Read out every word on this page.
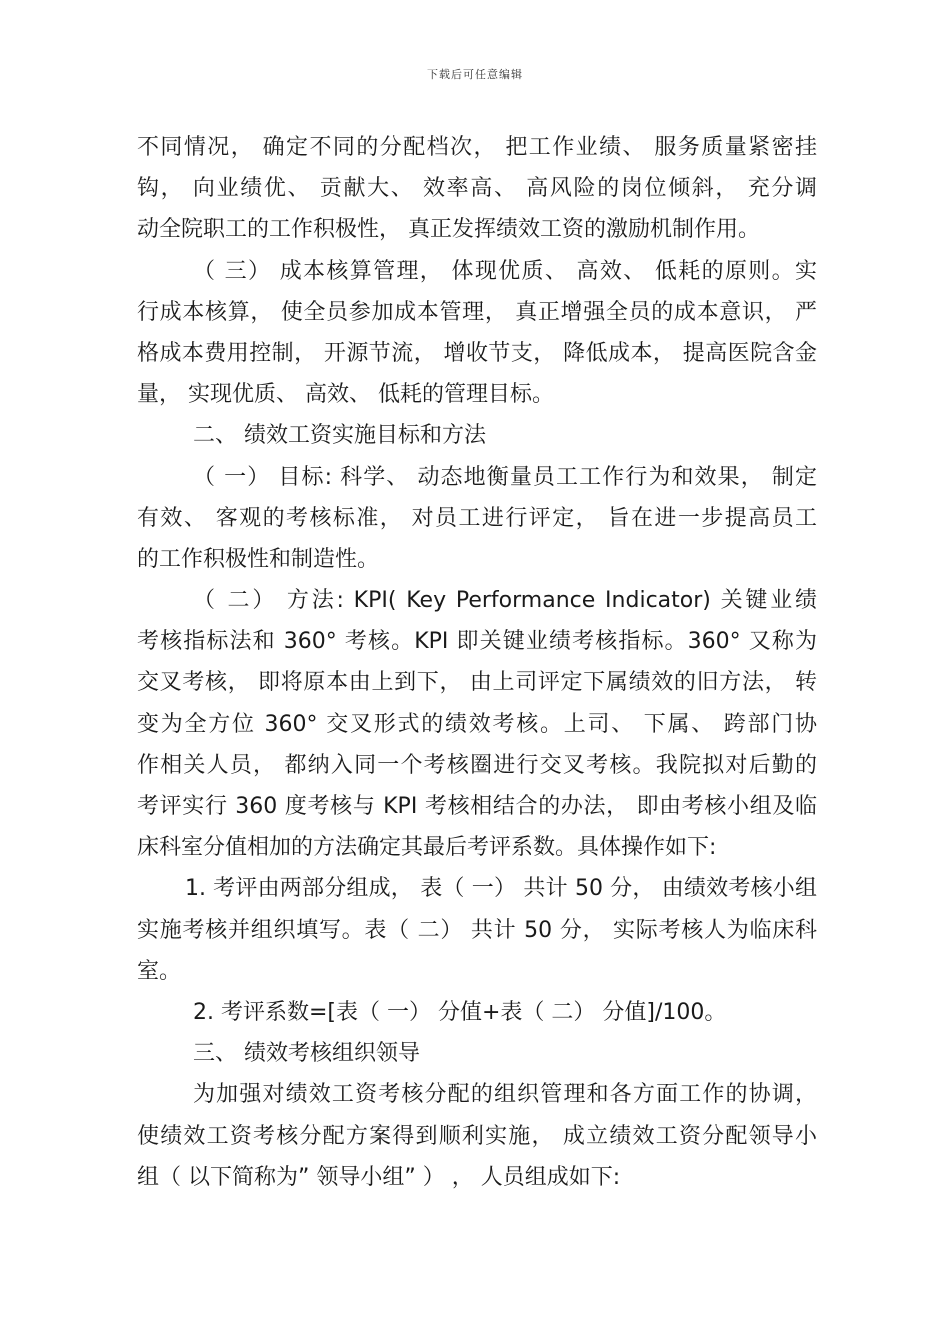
下载后可任意编辑
不同情况， 确定不同的分配档次， 把工作业绩、 服务质量紧密挂
钩， 向业绩优、 贡献大、 效率高、 高风险的岗位倾斜， 充分调
动全院职工的工作积极性， 真正发挥绩效工资的激励机制作用。
（ 三） 成本核算管理， 体现优质、 高效、 低耗的原则。实
行成本核算， 使全员参加成本管理， 真正增强全员的成本意识， 严
格成本费用控制， 开源节流， 增收节支， 降低成本， 提高医院含金
量， 实现优质、 高效、 低耗的管理目标。
二、 绩效工资实施目标和方法
（ 一） 目标: 科学、 动态地衡量员工工作行为和效果， 制定
有效、 客观的考核标准， 对员工进行评定， 旨在进一步提高员工
的工作积极性和制造性。
（ 二） 方法: KPI( Key Performance Indicator) 关键业绩
考核指标法和 360° 考核。KPI 即关键业绩考核指标。360° 又称为
交叉考核， 即将原本由上到下， 由上司评定下属绩效的旧方法， 转
变为全方位 360° 交叉形式的绩效考核。上司、 下属、 跨部门协
作相关人员， 都纳入同一个考核圈进行交叉考核。我院拟对后勤的
考评实行 360 度考核与 KPI 考核相结合的办法， 即由考核小组及临
床科室分值相加的方法确定其最后考评系数。具体操作如下:
1. 考评由两部分组成， 表（ 一） 共计 50 分， 由绩效考核小组
实施考核并组织填写。表（ 二） 共计 50 分， 实际考核人为临床科
室。
2. 考评系数=[表（ 一） 分值+表（ 二） 分值]/100。
三、 绩效考核组织领导
为加强对绩效工资考核分配的组织管理和各方面工作的协调，
使绩效工资考核分配方案得到顺利实施， 成立绩效工资分配领导小
组（ 以下简称为” 领导小组” ） ， 人员组成如下:
